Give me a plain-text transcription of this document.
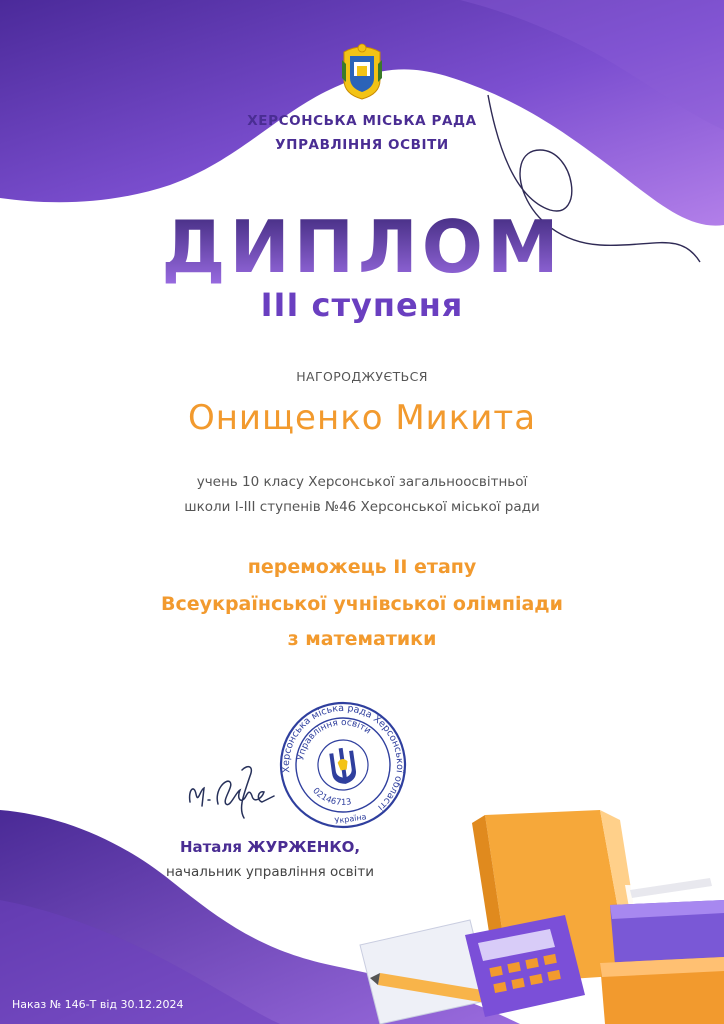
ХЕРСОНСЬКА МІСЬКА РАДА
УПРАВЛІННЯ ОСВІТИ
ДИПЛОМ
III ступеня
НАГОРОДЖУЄТЬСЯ
Онищенко Микита
учень 10 класу Херсонської загальноосвітньої
школи І-ІІІ ступенів №46 Херсонської міської ради
переможець ІІ етапу
Всеукраїнської учнівської олімпіади
з математики
Херсонська міська рада Херсонської області
Управління освіти
02146713
Україна
Наталя ЖУРЖЕНКО,
начальник управління освіти
Наказ № 146-Т від 30.12.2024
